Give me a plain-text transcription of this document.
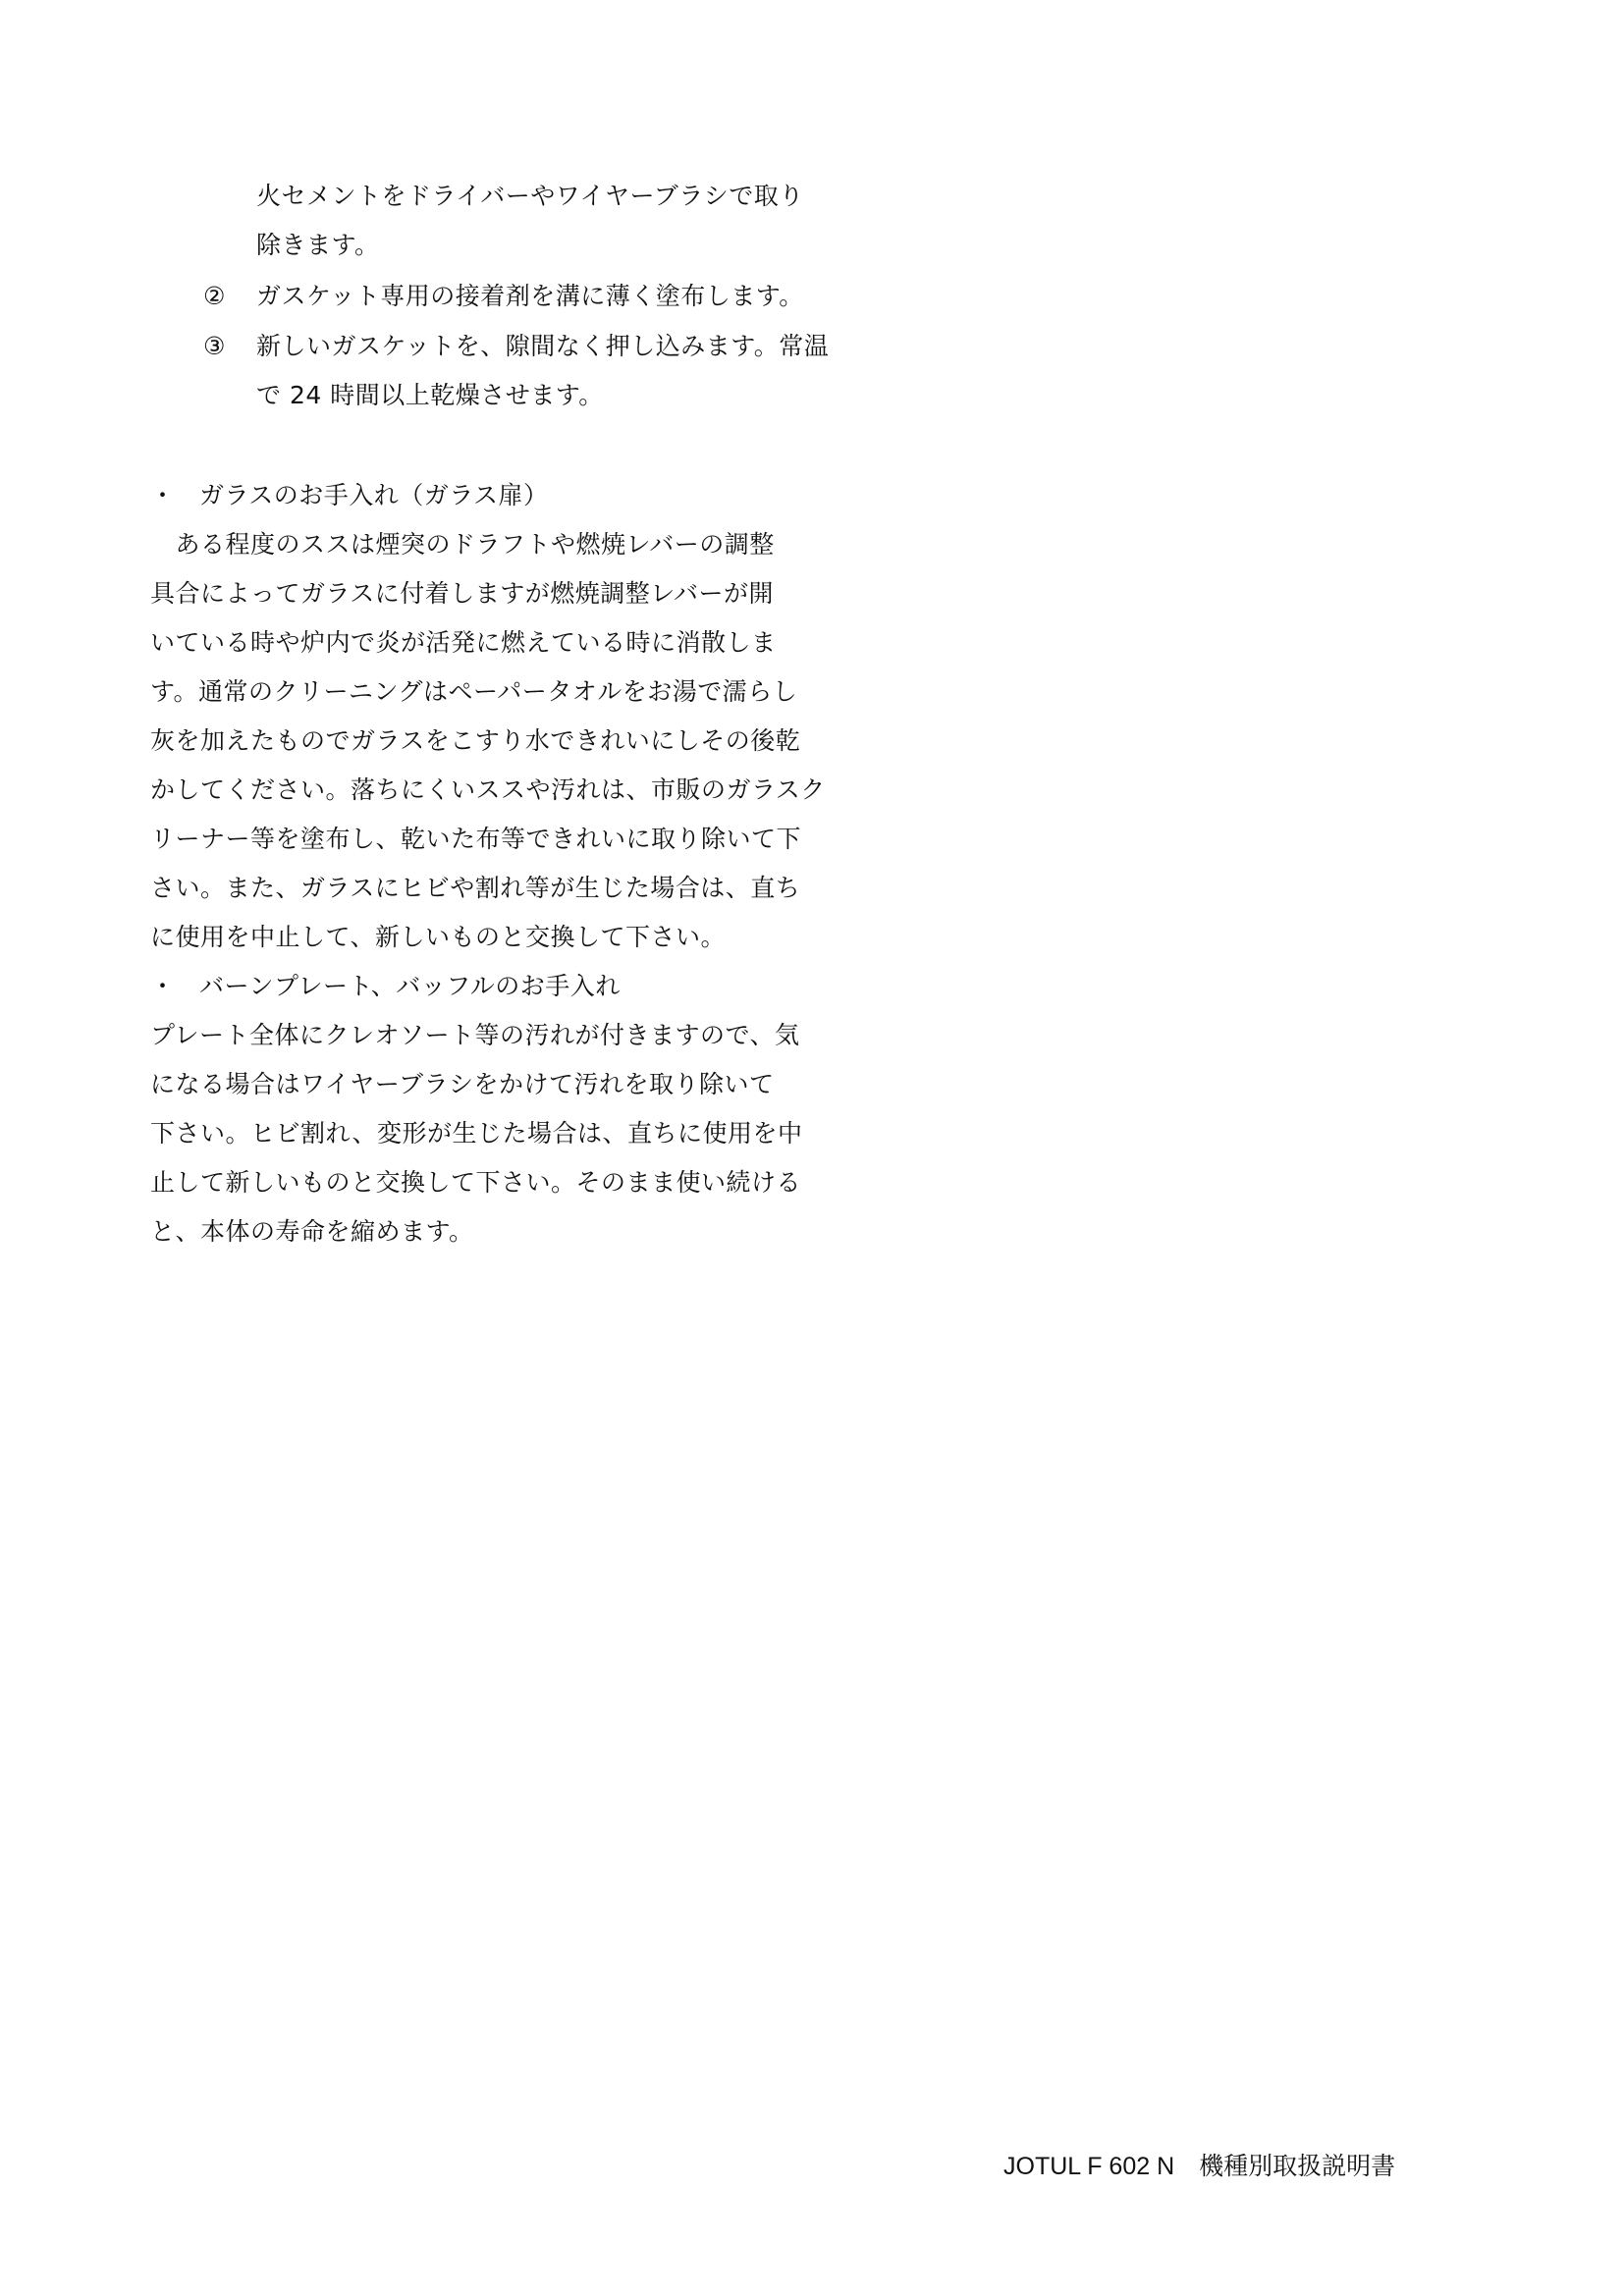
火セメントをドライバーやワイヤーブラシで取り
除きます。
② ガスケット専用の接着剤を溝に薄く塗布します。
③ 新しいガスケットを、隙間なく押し込みます。常温
で 24 時間以上乾燥させます。
・ ガラスのお手入れ（ガラス扉）
　ある程度のススは煙突のドラフトや燃焼レバーの調整
具合によってガラスに付着しますが燃焼調整レバーが開
いている時や炉内で炎が活発に燃えている時に消散しま
す。通常のクリーニングはペーパータオルをお湯で濡らし
灰を加えたものでガラスをこすり水できれいにしその後乾
かしてください。落ちにくいススや汚れは、市販のガラスク
リーナー等を塗布し、乾いた布等できれいに取り除いて下
さい。また、ガラスにヒビや割れ等が生じた場合は、直ち
に使用を中止して、新しいものと交換して下さい。
・ バーンプレート、バッフルのお手入れ
プレート全体にクレオソート等の汚れが付きますので、気
になる場合はワイヤーブラシをかけて汚れを取り除いて
下さい。ヒビ割れ、変形が生じた場合は、直ちに使用を中
止して新しいものと交換して下さい。そのまま使い続ける
と、本体の寿命を縮めます。
JOTUL F 602 N　機種別取扱説明書
